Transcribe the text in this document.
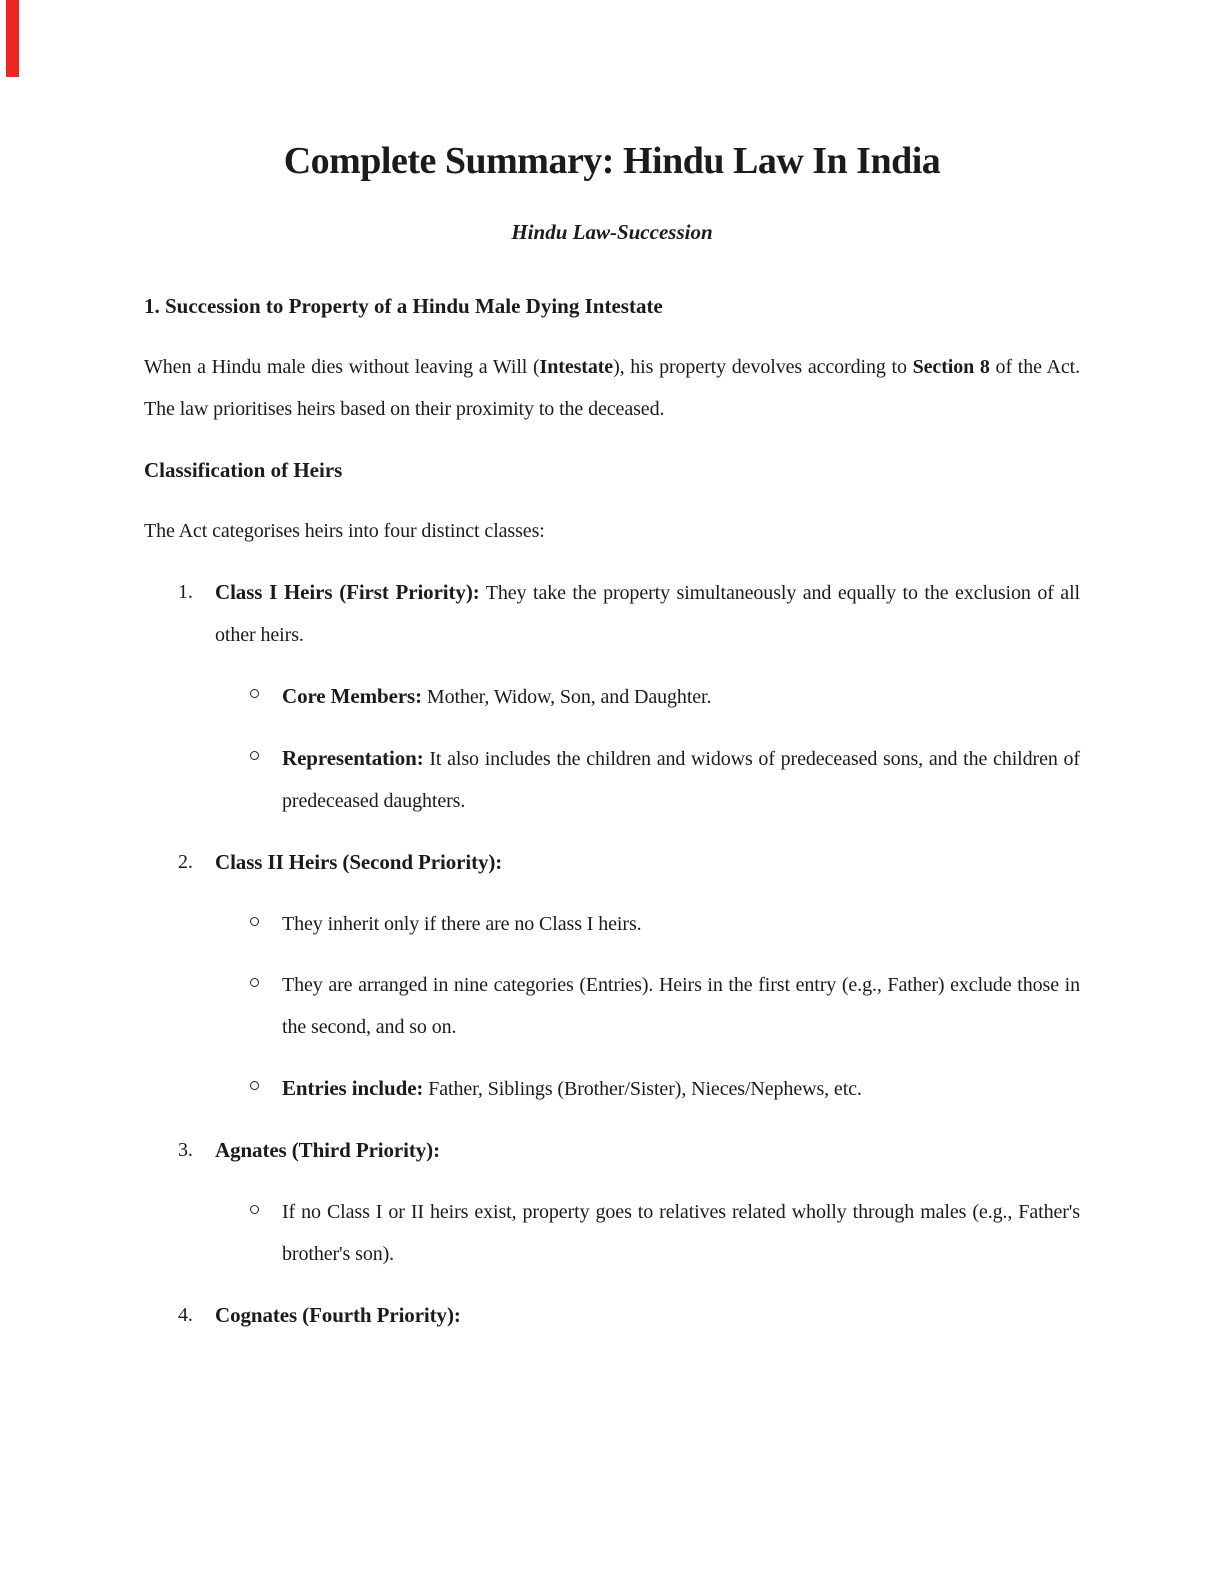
Complete Summary: Hindu Law In India
Hindu Law-Succession
1. Succession to Property of a Hindu Male Dying Intestate
When a Hindu male dies without leaving a Will (Intestate), his property devolves according to Section 8 of the Act. The law prioritises heirs based on their proximity to the deceased.
Classification of Heirs
The Act categorises heirs into four distinct classes:
1.	Class I Heirs (First Priority): They take the property simultaneously and equally to the exclusion of all other heirs.
Core Members: Mother, Widow, Son, and Daughter.
Representation: It also includes the children and widows of predeceased sons, and the children of predeceased daughters.
2.	Class II Heirs (Second Priority):
They inherit only if there are no Class I heirs.
They are arranged in nine categories (Entries). Heirs in the first entry (e.g., Father) exclude those in the second, and so on.
Entries include: Father, Siblings (Brother/Sister), Nieces/Nephews, etc.
3.	Agnates (Third Priority):
If no Class I or II heirs exist, property goes to relatives related wholly through males (e.g., Father's brother's son).
4.	Cognates (Fourth Priority):
